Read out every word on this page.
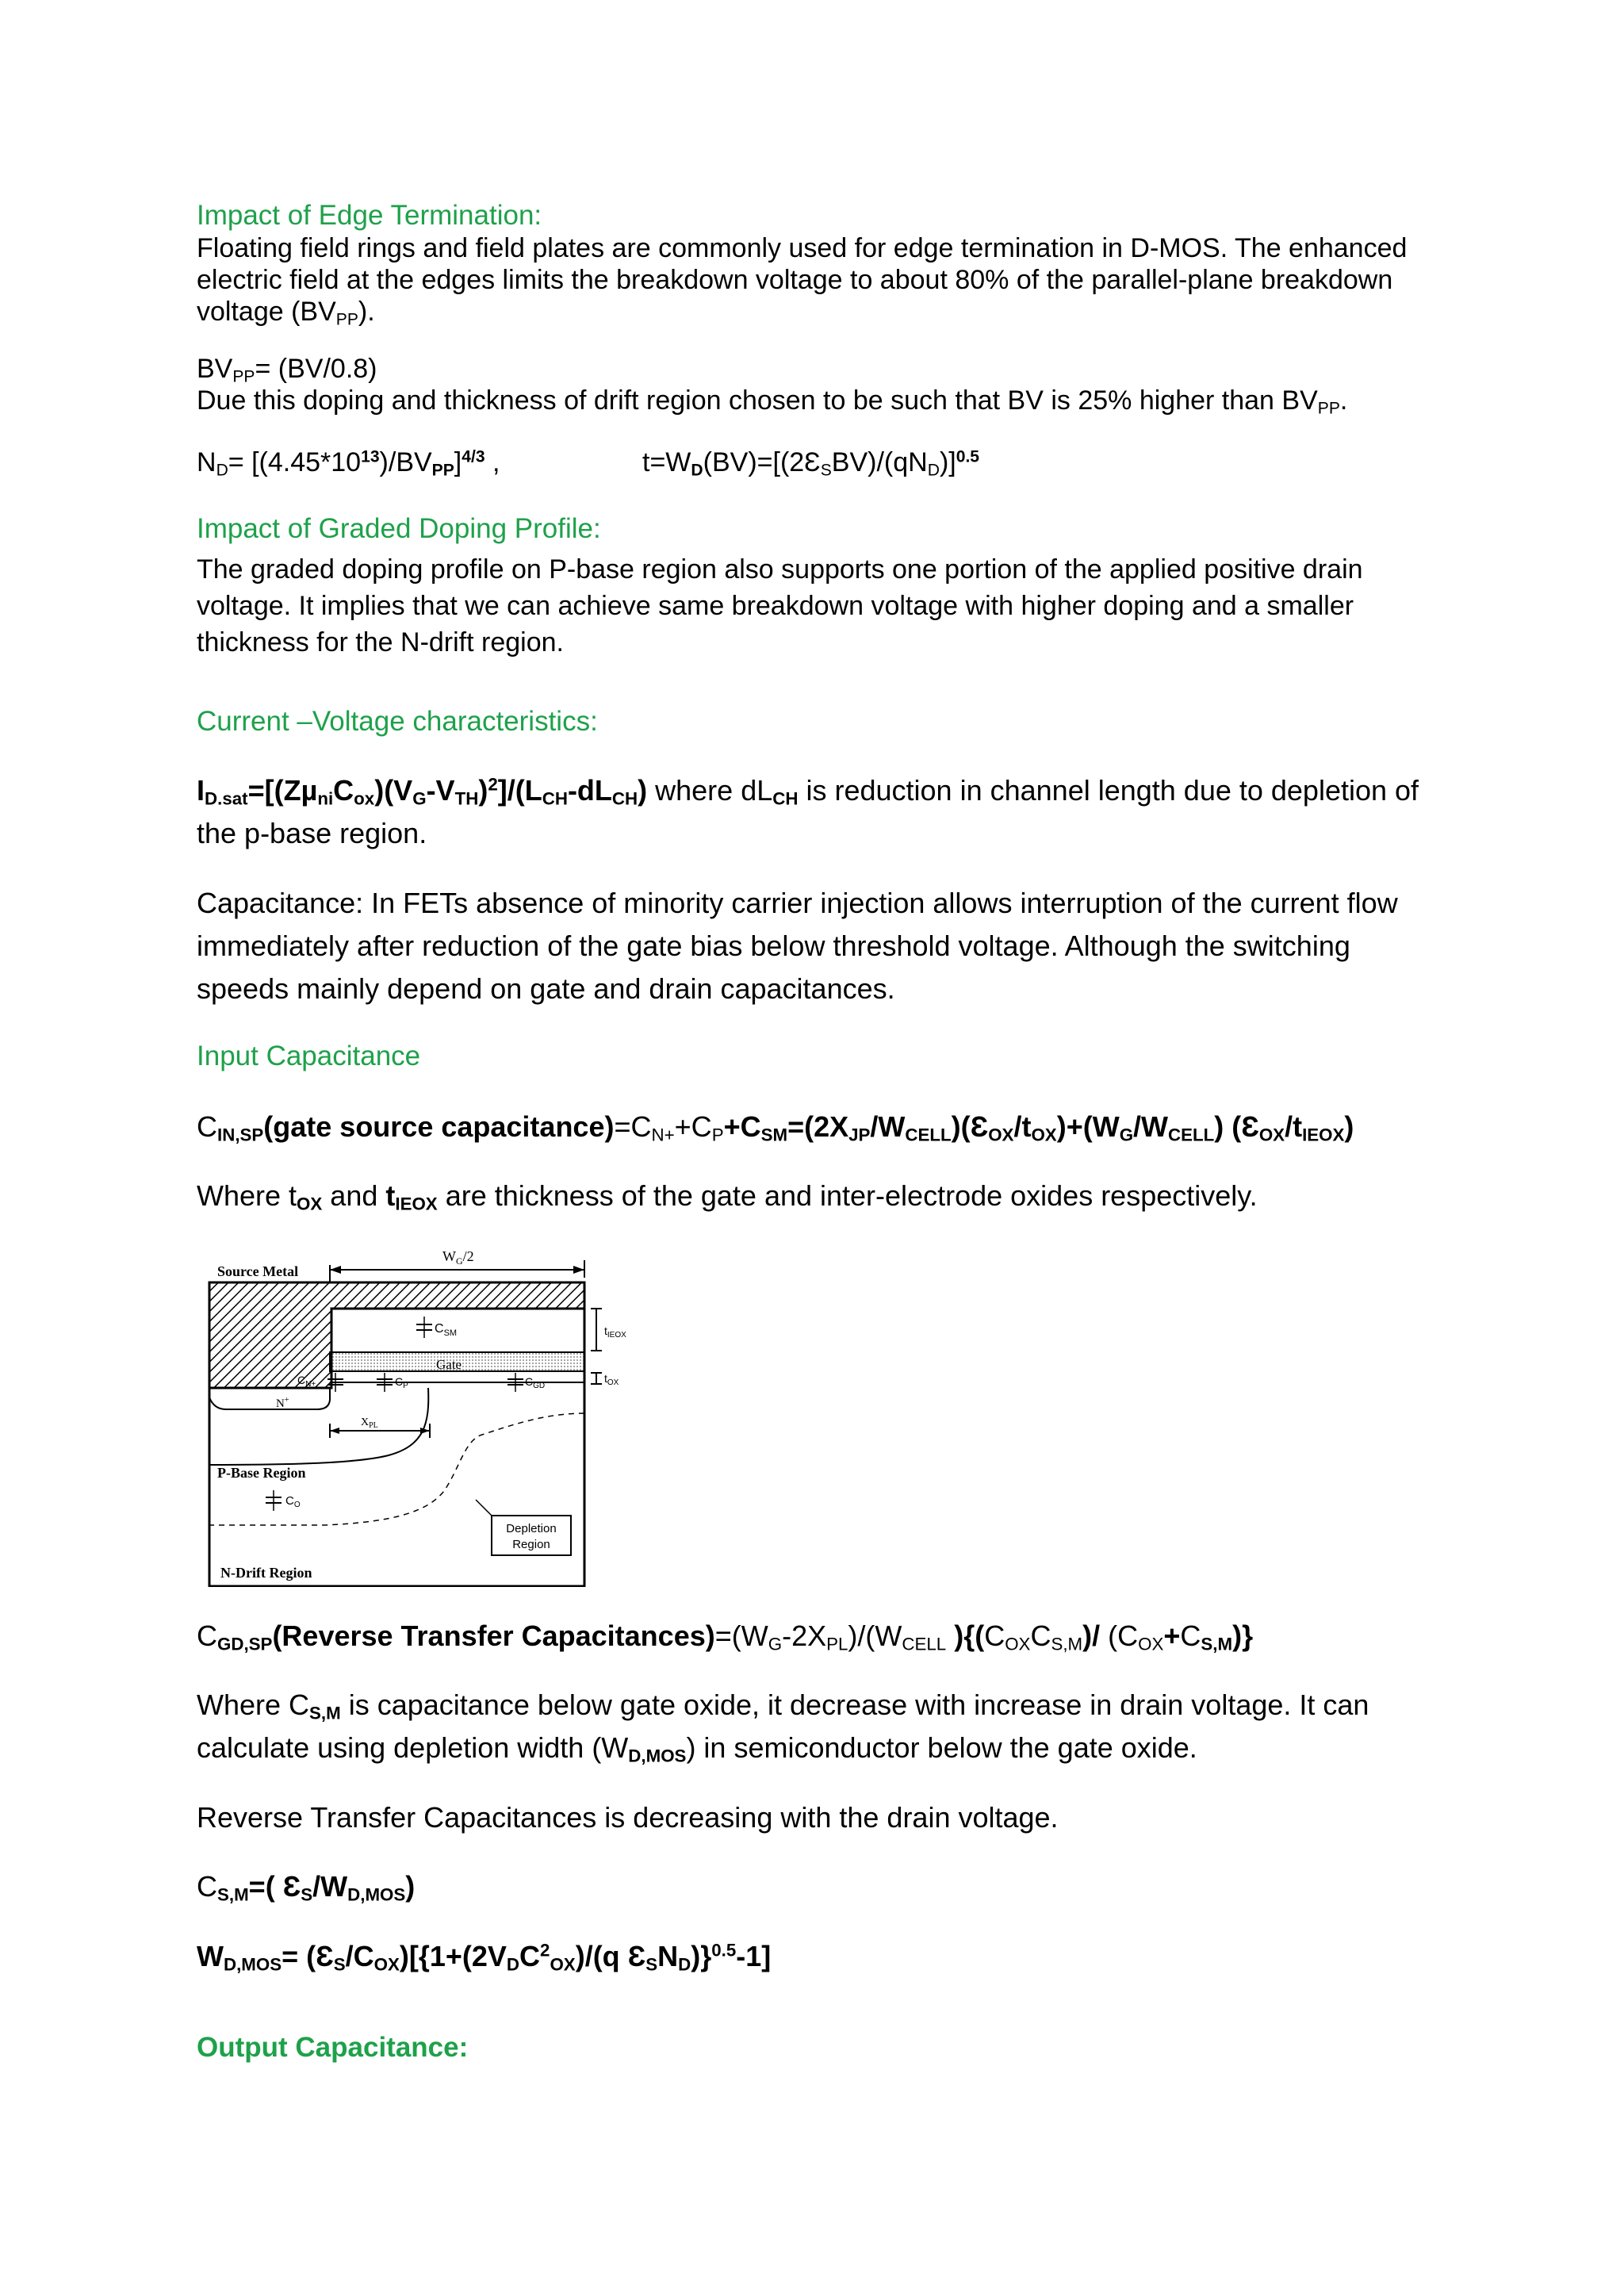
Impact of Edge Termination:
Floating field rings and field plates are commonly used for edge termination in D-MOS. The enhanced electric field at the edges limits the breakdown voltage to about 80% of the parallel-plane breakdown voltage $(BV_{PP})$.
$BV_{PP}= (BV/0.8)$
Due this doping and thickness of drift region chosen to be such that BV is 25% higher than $BV_{PP}$.
$N_D= [(4.45*10^{13})/BV_{PP}]^{4/3}$ ,	$t=W_D(BV)=[(2Ɛ_SBV)/(qN_D)]^{0.5}$
Impact of Graded Doping Profile:
The graded doping profile on P-base region also supports one portion of the applied positive drain voltage. It implies that we can achieve same breakdown voltage with higher doping and a smaller thickness for the N-drift region.
Current –Voltage characteristics:
$I_{D.sat}=[(Z\mu_{ni}C_{ox})(V_G-V_{TH})^2]/(L_{CH}-dL_{CH})$ where $dL_{CH}$ is reduction in channel length due to depletion of the p-base region.
Capacitance: In FETs absence of minority carrier injection allows interruption of the current flow immediately after reduction of the gate bias below threshold voltage. Although the switching speeds mainly depend on gate and drain capacitances.
Input Capacitance
$C_{IN,SP}(gate$ source $capacitance)=C_{N+}+C_P+C_{SM}=(2X_{JP}/W_{CELL})(Ɛ_{OX}/t_{OX})+(W_G/W_{CELL})$ $(Ɛ_{OX}/t_{IEOX})$
Where $t_{OX}$ and $t_{IEOX}$ are thickness of the gate and inter-electrode oxides respectively.
Source Metal
$W_G/2$
Gate
$C_{SM}$
$C_{N+}$	$C_P$	$C_{GD}$
$t_{IEOX}$
$t_{OX}$
N+
$X_{PL}$
P-Base Region
$C_O$
Depletion
Region
N-Drift Region
$C_{GD,SP}(Reverse$ Transfer $Capacitances)=(W_G-2X_{PL})/(W_{CELL}$ ){$(C_{OX}C_{S,M})/$ $(C_{OX}+C_{S,M})$}
Where $C_{S,M}$ is capacitance below gate oxide, it decrease with increase in drain voltage. It can calculate using depletion width $(W_{D,MOS})$ in semiconductor below the gate oxide.
Reverse Transfer Capacitances is decreasing with the drain voltage.
$C_{S,M}=$( $Ɛ_S/W_{D,MOS}$)
$W_{D,MOS}=$ $(Ɛ_S/C_{OX})[\{1+(2V_DC^2_{OX})/(q$ $Ɛ_SN_D)\}^{0.5}-1$]
Output Capacitance:
